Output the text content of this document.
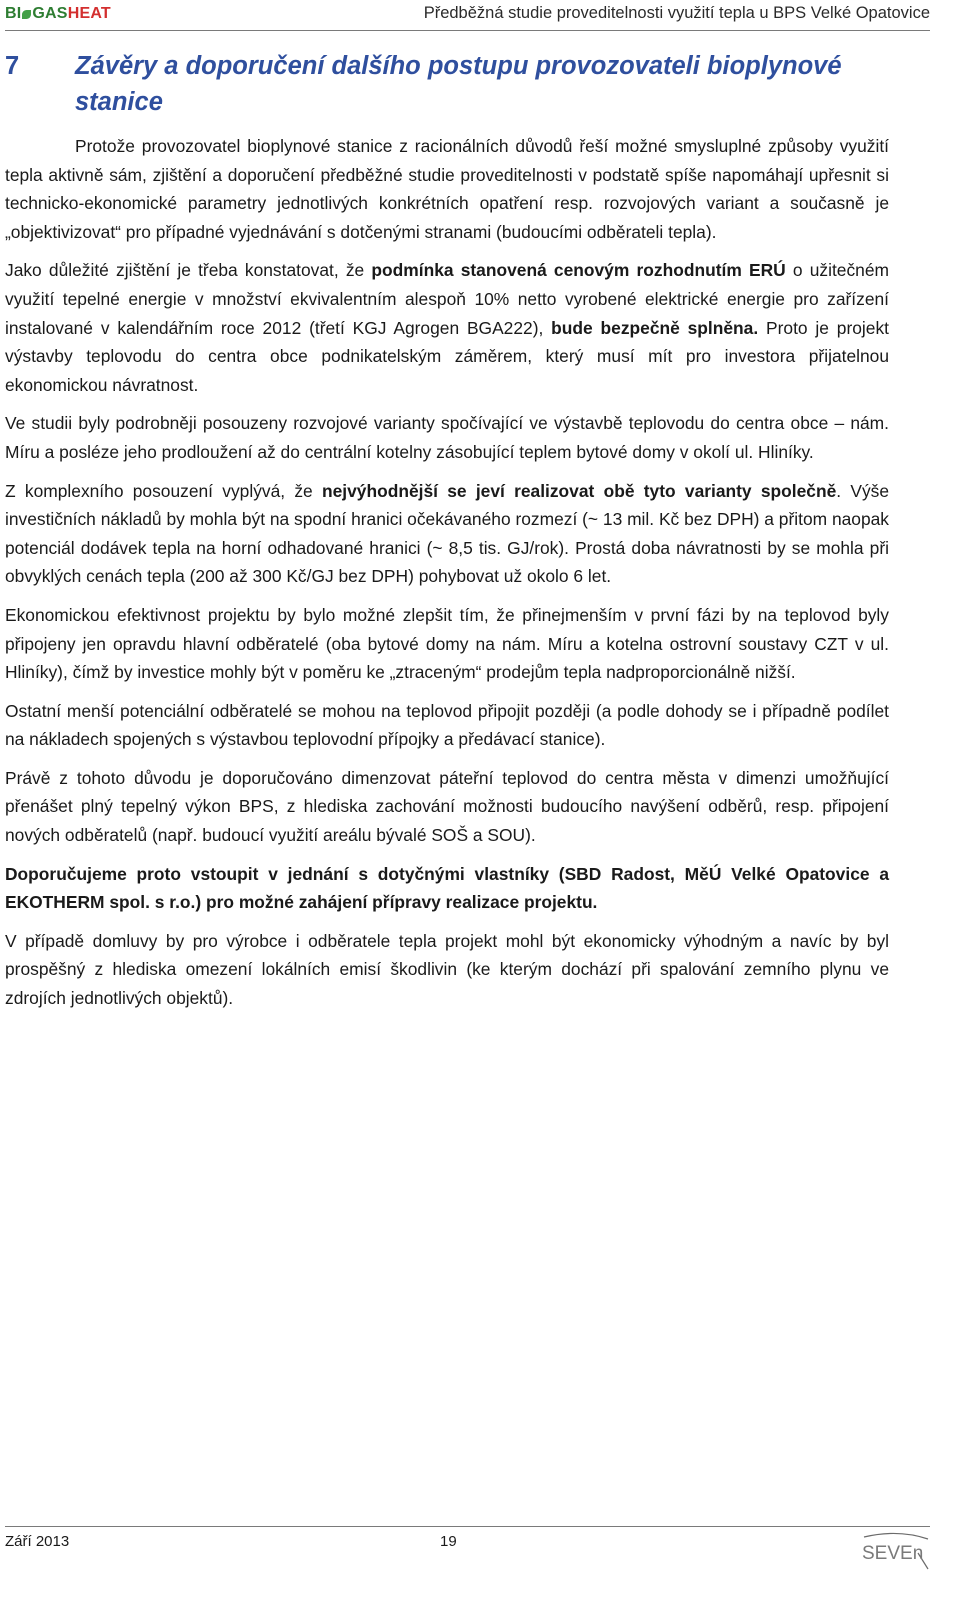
BI GASHEAT	Předběžná studie proveditelnosti využití tepla u BPS Velké Opatovice
7 Závěry a doporučení dalšího postupu provozovateli bioplynové stanice

Protože provozovatel bioplynové stanice z racionálních důvodů řeší možné smysluplné způsoby využití tepla aktivně sám, zjištění a doporučení předběžné studie proveditelnosti v podstatě spíše napomáhají upřesnit si technicko-ekonomické parametry jednotlivých konkrétních opatření resp. rozvojových variant a současně je „objektivizovat“ pro případné vyjednávání s dotčenými stranami (budoucími odběrateli tepla).

Jako důležité zjištění je třeba konstatovat, že podmínka stanovená cenovým rozhodnutím ERÚ o užitečném využití tepelné energie v množství ekvivalentním alespoň 10% netto vyrobené elektrické energie pro zařízení instalované v kalendářním roce 2012 (třetí KGJ Agrogen BGA222), bude bezpečně splněna. Proto je projekt výstavby teplovodu do centra obce podnikatelským záměrem, který musí mít pro investora přijatelnou ekonomickou návratnost.

Ve studii byly podrobněji posouzeny rozvojové varianty spočívající ve výstavbě teplovodu do centra obce – nám. Míru a posléze jeho prodloužení až do centrální kotelny zásobující teplem bytové domy v okolí ul. Hliníky.

Z komplexního posouzení vyplývá, že nejvýhodnější se jeví realizovat obě tyto varianty společně. Výše investičních nákladů by mohla být na spodní hranici očekávaného rozmezí (~ 13 mil. Kč bez DPH) a přitom naopak potenciál dodávek tepla na horní odhadované hranici (~ 8,5 tis. GJ/rok). Prostá doba návratnosti by se mohla při obvyklých cenách tepla (200 až 300 Kč/GJ bez DPH) pohybovat už okolo 6 let.

Ekonomickou efektivnost projektu by bylo možné zlepšit tím, že přinejmenším v první fázi by na teplovod byly připojeny jen opravdu hlavní odběratelé (oba bytové domy na nám. Míru a kotelna ostrovní soustavy CZT v ul. Hliníky), čímž by investice mohly být v poměru ke „ztraceným“ prodejům tepla nadproporcionálně nižší.

Ostatní menší potenciální odběratelé se mohou na teplovod připojit později (a podle dohody se i případně podílet na nákladech spojených s výstavbou teplovodní přípojky a předávací stanice).

Právě z tohoto důvodu je doporučováno dimenzovat páteřní teplovod do centra města v dimenzi umožňující přenášet plný tepelný výkon BPS, z hlediska zachování možnosti budoucího navýšení odběrů, resp. připojení nových odběratelů (např. budoucí využití areálu bývalé SOŠ a SOU).

Doporučujeme proto vstoupit v jednání s dotyčnými vlastníky (SBD Radost, MěÚ Velké Opatovice a EKOTHERM spol. s r.o.) pro možné zahájení přípravy realizace projektu.

V případě domluvy by pro výrobce i odběratele tepla projekt mohl být ekonomicky výhodným a navíc by byl prospěšný z hlediska omezení lokálních emisí škodlivin (ke kterým dochází při spalování zemního plynu ve zdrojích jednotlivých objektů).

Září 2013	19
SEVEn
